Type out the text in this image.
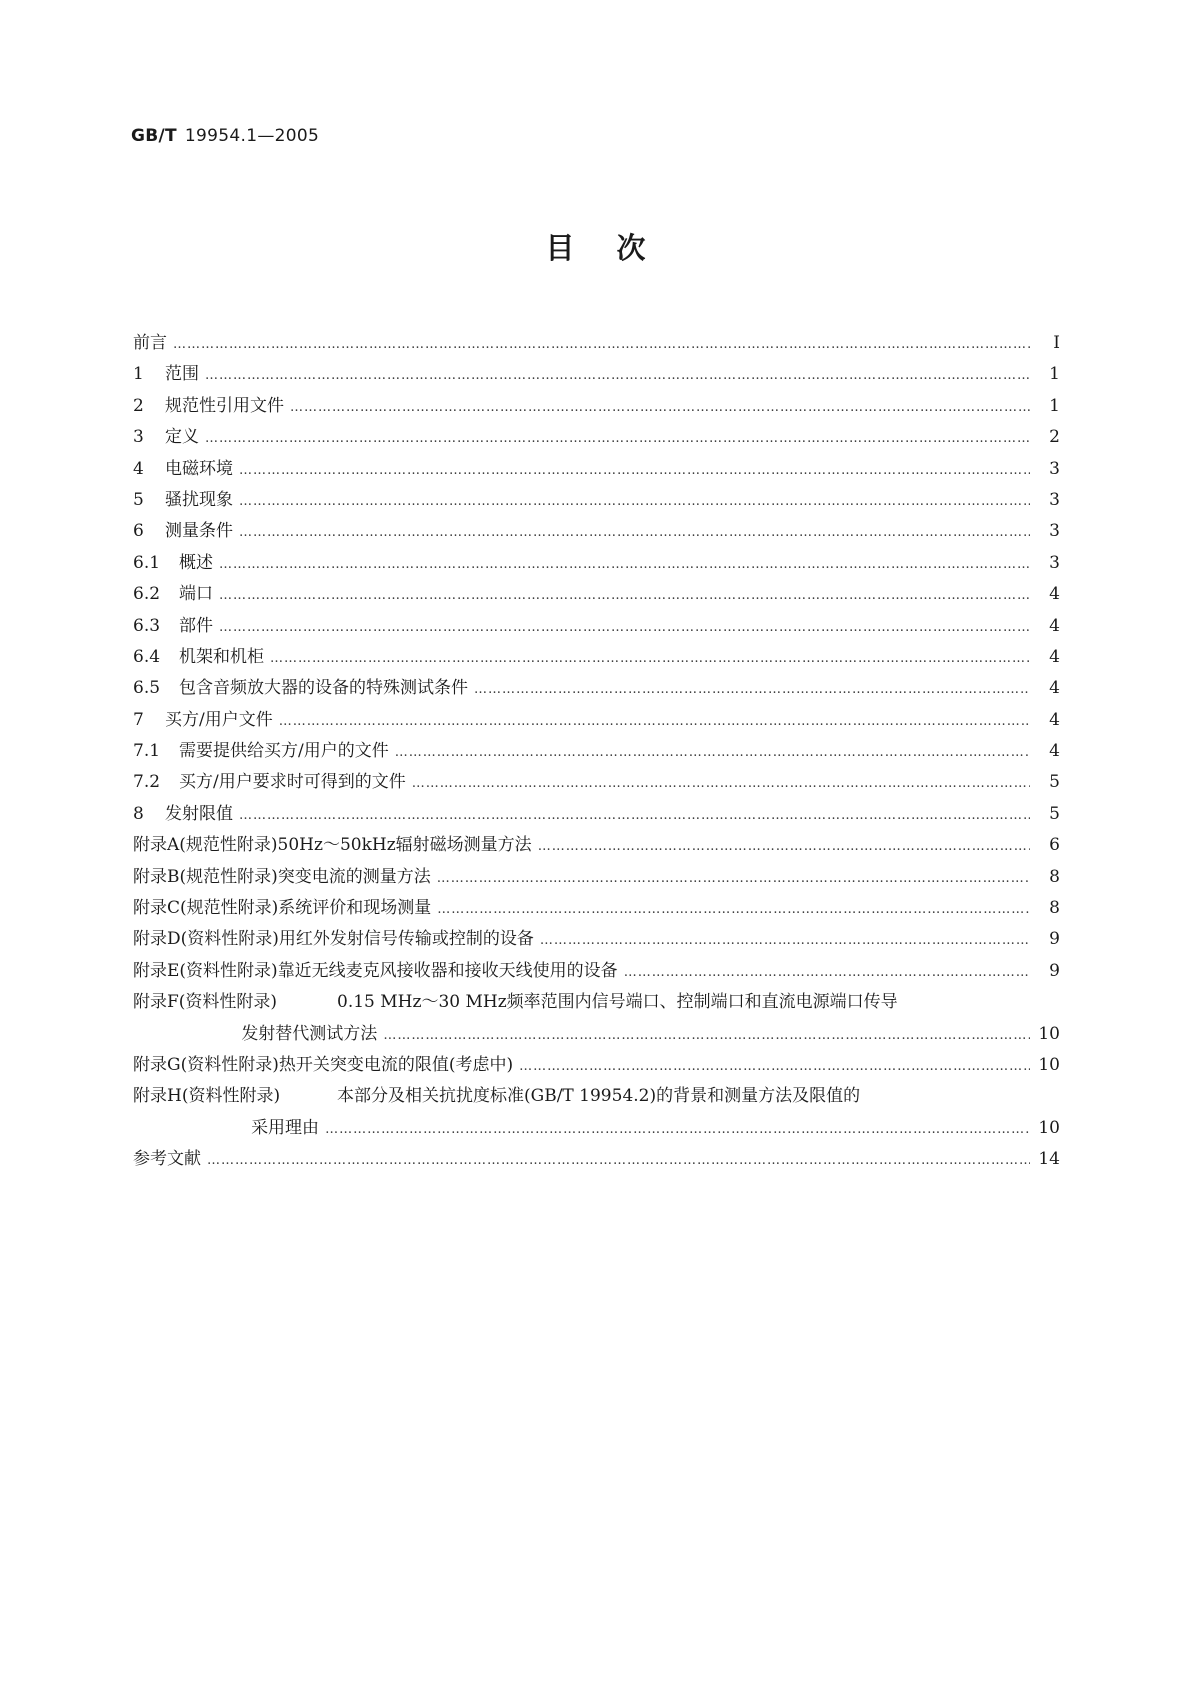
GB/T 19954.1—2005
目次
前言 ………………………………………………………………………………………………………………………………………………………………………………………………………………………………………	Ⅰ
1	范围 ………………………………………………………………………………………………………………………………………………………………………………………………………………………………………	1
2	规范性引用文件 ………………………………………………………………………………………………………………………………………………………………………………………………………………………………………	1
3	定义 ………………………………………………………………………………………………………………………………………………………………………………………………………………………………………	2
4	电磁环境 ………………………………………………………………………………………………………………………………………………………………………………………………………………………………………	3
5	骚扰现象 ………………………………………………………………………………………………………………………………………………………………………………………………………………………………………	3
6	测量条件 ………………………………………………………………………………………………………………………………………………………………………………………………………………………………………	3
6.1	概述 ………………………………………………………………………………………………………………………………………………………………………………………………………………………………………	3
6.2	端口 ………………………………………………………………………………………………………………………………………………………………………………………………………………………………………	4
6.3	部件 ………………………………………………………………………………………………………………………………………………………………………………………………………………………………………	4
6.4	机架和机柜 ………………………………………………………………………………………………………………………………………………………………………………………………………………………………………	4
6.5	包含音频放大器的设备的特殊测试条件 ………………………………………………………………………………………………………………………………………………………………………………………………………………………………………	4
7	买方/用户文件 ………………………………………………………………………………………………………………………………………………………………………………………………………………………………………	4
7.1	需要提供给买方/用户的文件 ………………………………………………………………………………………………………………………………………………………………………………………………………………………………………	4
7.2	买方/用户要求时可得到的文件 ………………………………………………………………………………………………………………………………………………………………………………………………………………………………………	5
8	发射限值 ………………………………………………………………………………………………………………………………………………………………………………………………………………………………………	5
附录A(规范性附录) 50Hz～50kHz辐射磁场测量方法 ………………………………………………………………………………………………………………………………………………………………………………………………………………………………………	6
附录B(规范性附录) 突变电流的测量方法 ………………………………………………………………………………………………………………………………………………………………………………………………………………………………………	8
附录C(规范性附录) 系统评价和现场测量 ………………………………………………………………………………………………………………………………………………………………………………………………………………………………………	8
附录D(资料性附录) 用红外发射信号传输或控制的设备 ………………………………………………………………………………………………………………………………………………………………………………………………………………………………………	9
附录E(资料性附录) 靠近无线麦克风接收器和接收天线使用的设备 ………………………………………………………………………………………………………………………………………………………………………………………………………………………………………	9
附录F(资料性附录)	0.15 MHz～30 MHz频率范围内信号端口、控制端口和直流电源端口传导
发射替代测试方法 ………………………………………………………………………………………………………………………………………………………………………………………………………………………………………	10
附录G(资料性附录) 热开关突变电流的限值(考虑中) ………………………………………………………………………………………………………………………………………………………………………………………………………………………………………	10
附录H(资料性附录)	本部分及相关抗扰度标准(GB/T 19954.2)的背景和测量方法及限值的
采用理由 ………………………………………………………………………………………………………………………………………………………………………………………………………………………………………	10
参考文献 ………………………………………………………………………………………………………………………………………………………………………………………………………………………………………	14
